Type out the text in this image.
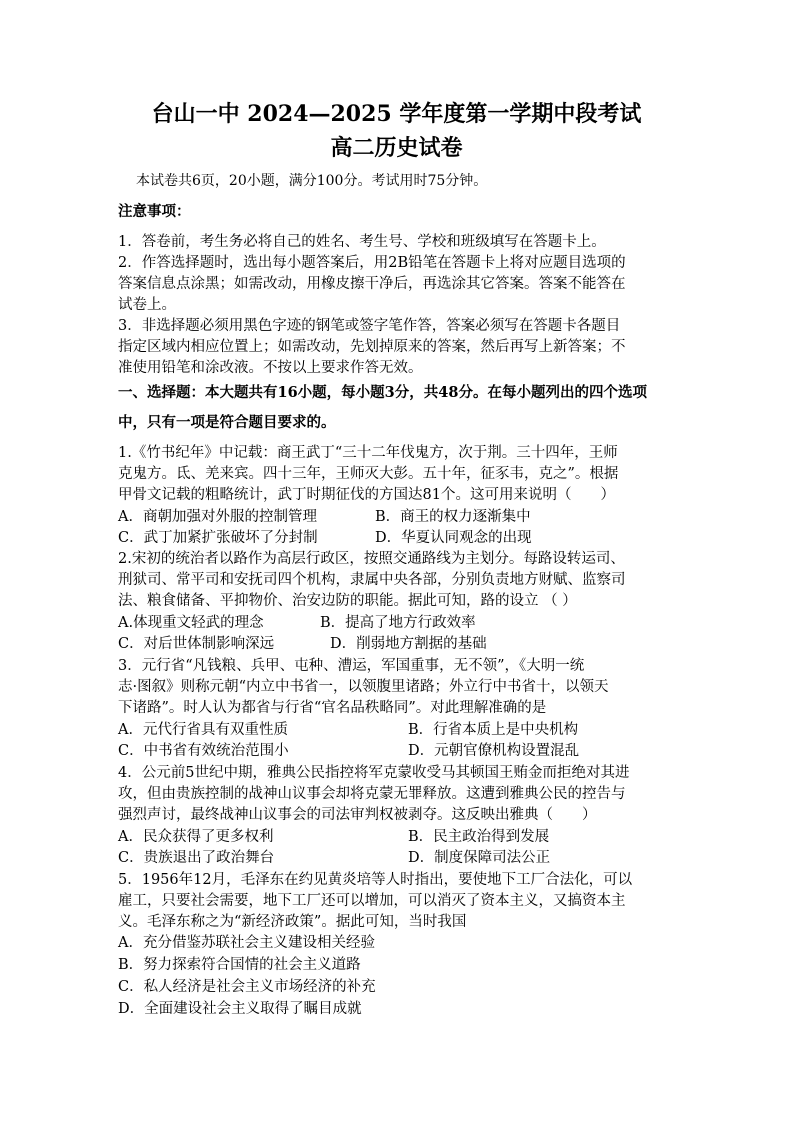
台山一中 2024—2025 学年度第一学期中段考试
高二历史试卷
本试卷共6页，20小题，满分100分。考试用时75分钟。
注意事项：
1．答卷前，考生务必将自己的姓名、考生号、学校和班级填写在答题卡上。
2．作答选择题时，选出每小题答案后，用2B铅笔在答题卡上将对应题目选项的
答案信息点涂黑；如需改动，用橡皮擦干净后，再选涂其它答案。答案不能答在
试卷上。
3．非选择题必须用黑色字迹的钢笔或签字笔作答，答案必须写在答题卡各题目
指定区域内相应位置上；如需改动，先划掉原来的答案，然后再写上新答案；不
准使用铅笔和涂改液。不按以上要求作答无效。
一、选择题：本大题共有16小题，每小题3分，共48分。在每小题列出的四个选项
中，只有一项是符合题目要求的。
1.《竹书纪年》中记载：商王武丁“三十二年伐鬼方，次于荆。三十四年，王师
克鬼方。氐、羌来宾。四十三年，王师灭大彭。五十年，征豕韦，克之”。根据
甲骨文记载的粗略统计，武丁时期征伐的方国达81个。这可用来说明（　　）
A．商朝加强对外服的控制管理	B．商王的权力逐渐集中
C．武丁加紧扩张破坏了分封制	D．华夏认同观念的出现
2.宋初的统治者以路作为高层行政区，按照交通路线为主划分。每路设转运司、
刑狱司、常平司和安抚司四个机构，隶属中央各部，分别负责地方财赋、监察司
法、粮食储备、平抑物价、治安边防的职能。据此可知，路的设立 （ ）
A.体现重文轻武的理念	B．提高了地方行政效率
C．对后世体制影响深远	D．削弱地方割据的基础
3．元行省“凡钱粮、兵甲、屯种、漕运，军国重事，无不领”，《大明一统
志·图叙》则称元朝“内立中书省一，以领腹里诸路；外立行中书省十，以领天
下诸路”。时人认为都省与行省“官名品秩略同”。对此理解准确的是
A．元代行省具有双重性质	B．行省本质上是中央机构
C．中书省有效统治范围小	D．元朝官僚机构设置混乱
4．公元前5世纪中期，雅典公民指控将军克蒙收受马其顿国王贿金而拒绝对其进
攻，但由贵族控制的战神山议事会却将克蒙无罪释放。这遭到雅典公民的控告与
强烈声讨，最终战神山议事会的司法审判权被剥夺。这反映出雅典（　　）
A．民众获得了更多权利	B．民主政治得到发展
C．贵族退出了政治舞台	D．制度保障司法公正
5．1956年12月，毛泽东在约见黄炎培等人时指出，要使地下工厂合法化，可以
雇工，只要社会需要，地下工厂还可以增加，可以消灭了资本主义，又搞资本主
义。毛泽东称之为“新经济政策”。据此可知，当时我国
A．充分借鉴苏联社会主义建设相关经验
B．努力探索符合国情的社会主义道路
C．私人经济是社会主义市场经济的补充
D．全面建设社会主义取得了瞩目成就
